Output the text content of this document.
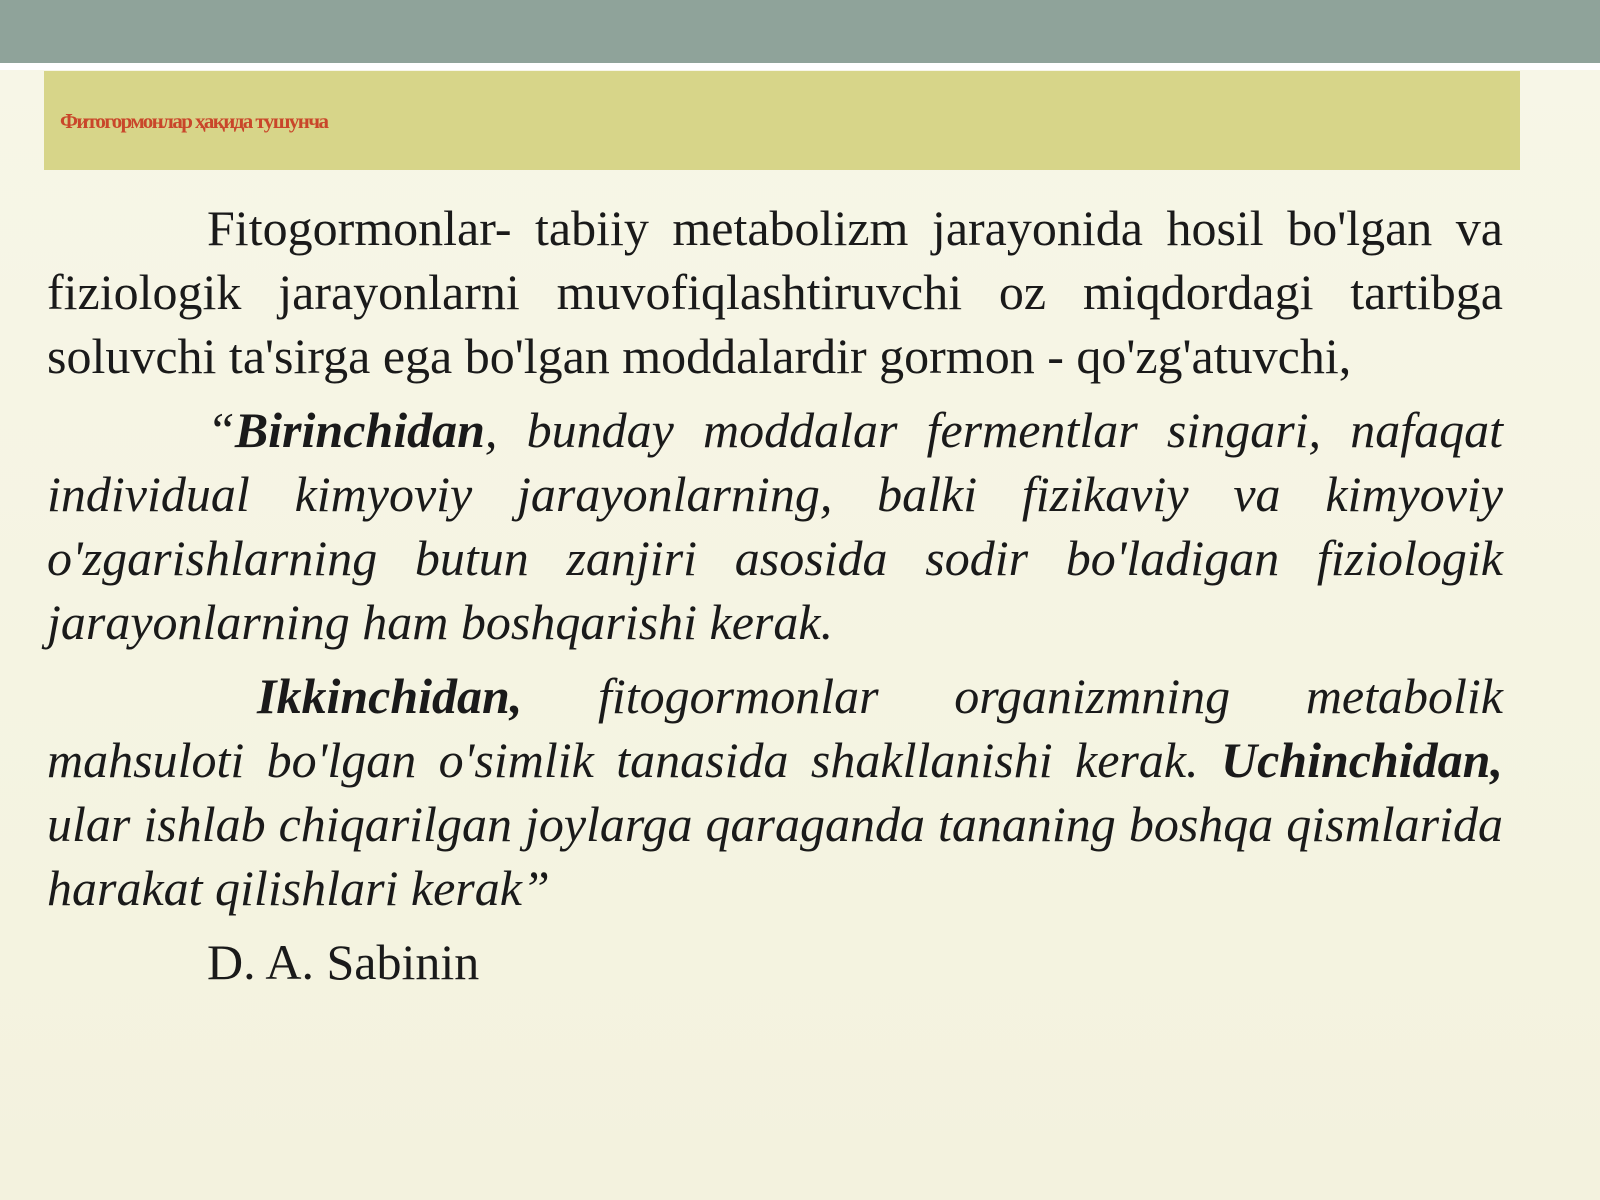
Фитогормонлар ҳақида тушунча

Fitogormonlar- tabiiy metabolizm jarayonida hosil bo'lgan va fiziologik jarayonlarni muvofiqlashtiruvchi oz miqdordagi tartibga soluvchi ta'sirga ega bo'lgan moddalardir gormon - qo'zg'atuvchi,

“Birinchidan, bunday moddalar fermentlar singari, nafaqat individual kimyoviy jarayonlarning, balki fizikaviy va kimyoviy o'zgarishlarning butun zanjiri asosida sodir bo'ladigan fiziologik jarayonlarning ham boshqarishi kerak.

Ikkinchidan, fitogormonlar organizmning metabolik mahsuloti bo'lgan o'simlik tanasida shakllanishi kerak. Uchinchidan, ular ishlab chiqarilgan joylarga qaraganda tananing boshqa qismlarida harakat qilishlari kerak”

D. A. Sabinin
